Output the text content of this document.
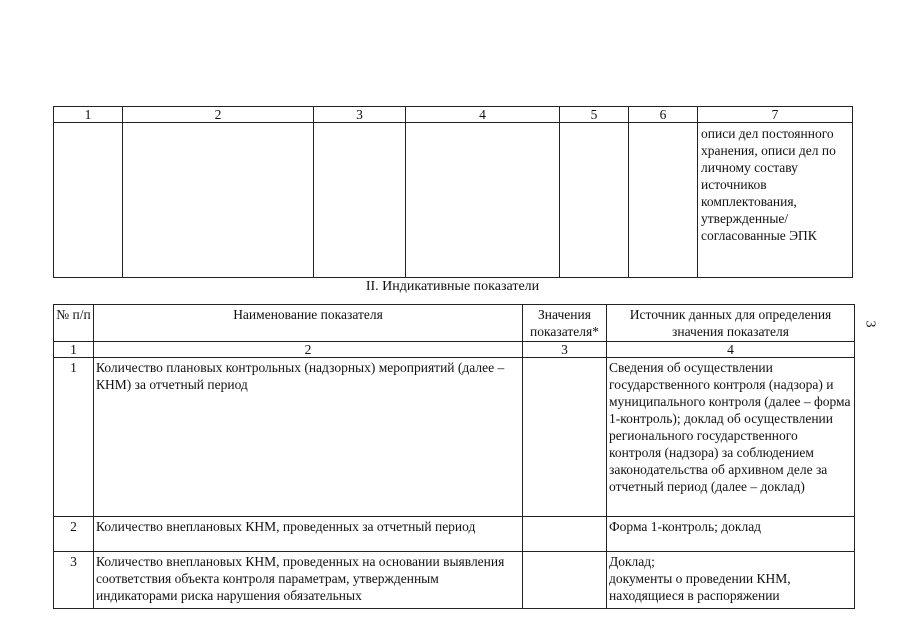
1	2	3	4	5	6	7
						описи дел постоянного хранения, описи дел по личному составу источников комплектования, утвержденные/ согласованные ЭПК
II. Индикативные показатели
№ п/п	Наименование показателя	Значения показателя*	Источник данных для определения значения показателя
1	2	3	4
1	Количество плановых контрольных (надзорных) мероприятий (далее – КНМ) за отчетный период		Сведения об осуществлении государственного контроля (надзора) и муниципального контроля (далее – форма 1-контроль); доклад об осуществлении регионального государственного контроля (надзора) за соблюдением законодательства об архивном деле за отчетный период (далее – доклад)
2	Количество внеплановых КНМ, проведенных за отчетный период		Форма 1-контроль; доклад
3	Количество внеплановых КНМ, проведенных на основании выявления соответствия объекта контроля параметрам, утвержденным индикаторами риска нарушения обязательных		Доклад;
документы о проведении КНМ, находящиеся в распоряжении
3
